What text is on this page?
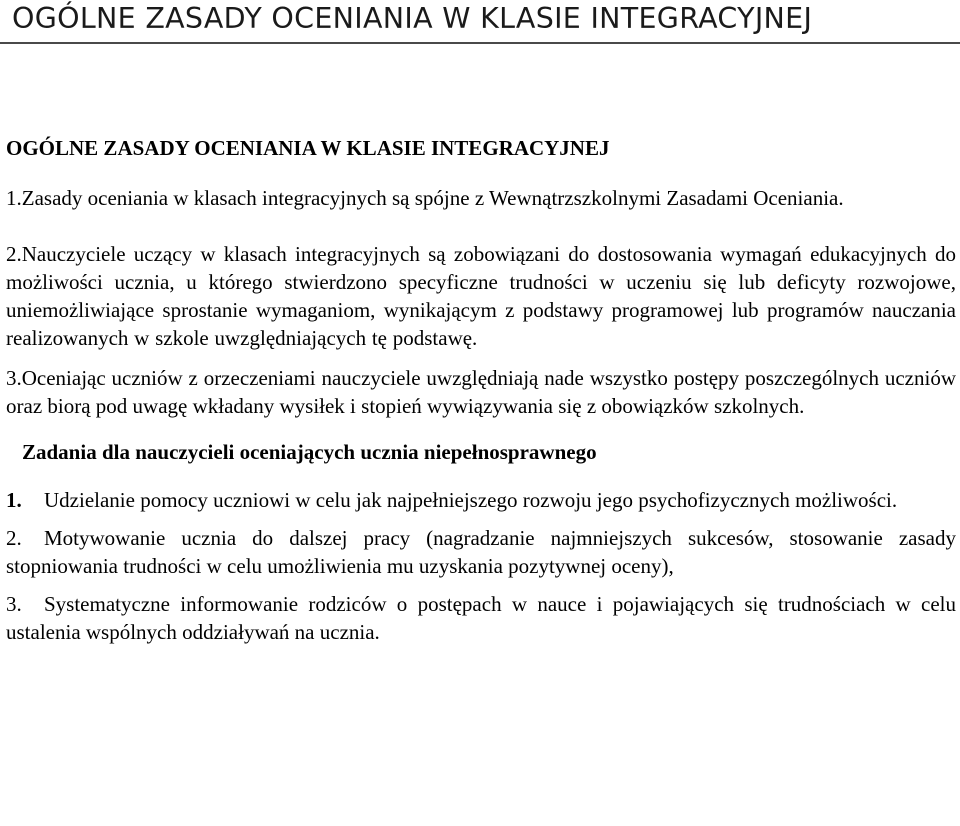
OGÓLNE ZASADY OCENIANIA W KLASIE INTEGRACYJNEJ
OGÓLNE ZASADY OCENIANIA W KLASIE INTEGRACYJNEJ

1.Zasady oceniania w klasach integracyjnych są spójne z Wewnątrzszkolnymi Zasadami Oceniania.

2.Nauczyciele uczący w klasach integracyjnych są zobowiązani do dostosowania wymagań edukacyjnych do możliwości ucznia, u którego stwierdzono specyficzne trudności w uczeniu się lub deficyty rozwojowe, uniemożliwiające sprostanie wymaganiom, wynikającym z podstawy programowej lub programów nauczania realizowanych w szkole uwzględniających tę podstawę.

3.Oceniając uczniów z orzeczeniami nauczyciele uwzględniają nade wszystko postępy poszczególnych uczniów oraz biorą pod uwagę wkładany wysiłek i stopień wywiązywania się z obowiązków szkolnych.

Zadania dla nauczycieli oceniających ucznia niepełnosprawnego
1. Udzielanie pomocy uczniowi w celu jak najpełniejszego rozwoju jego psychofizycznych możliwości.
2. Motywowanie ucznia do dalszej pracy (nagradzanie najmniejszych sukcesów, stosowanie zasady stopniowania trudności w celu umożliwienia mu uzyskania pozytywnej oceny),
3. Systematyczne informowanie rodziców o postępach w nauce i pojawiających się trudnościach w celu ustalenia wspólnych oddziaływań na ucznia.
